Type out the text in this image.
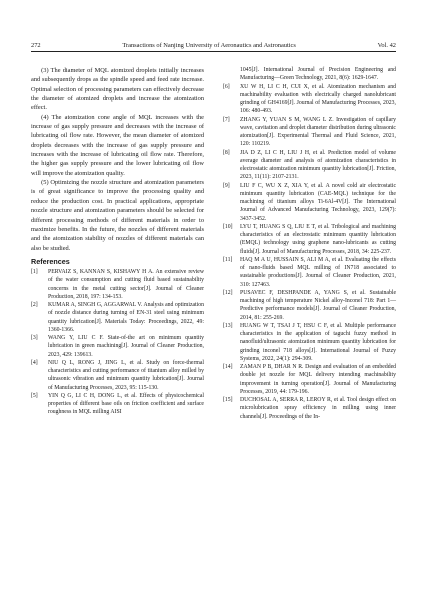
272	Transactions of Nanjing University of Aeronautics and Astronautics	Vol. 42

(3) The diameter of MQL atomized droplets initially increases and subsequently drops as the spindle speed and feed rate increase. Optimal selection of processing parameters can effectively decrease the diameter of atomized droplets and increase the atomization effect.

(4) The atomization cone angle of MQL increases with the increase of gas supply pressure and decreases with the increase of lubricating oil flow rate. However, the mean diameter of atomized droplets decreases with the increase of gas supply pressure and increases with the increase of lubricating oil flow rate. Therefore, the higher gas supply pressure and the lower lubricating oil flow will improve the atomization quality.

(5) Optimizing the nozzle structure and atomization parameters is of great significance to improve the processing quality and reduce the production cost. In practical applications, appropriate nozzle structure and atomization parameters should be selected for different processing methods of different materials in order to maximize benefits. In the future, the nozzles of different materials and the atomization stability of nozzles of different materials can also be studied.

References
[1]	PERVAIZ S, KANNAN S, KISHAWY H A. An extensive review of the water consumption and cutting fluid based sustainability concerns in the metal cutting sector[J]. Journal of Cleaner Production, 2018, 197: 134-153.
[2]	KUMAR A, SINGH G, AGGARWAL V. Analysis and optimization of nozzle distance during turning of EN-31 steel using minimum quantity lubrication[J]. Materials Today: Proceedings, 2022, 49: 1360-1366.
[3]	WANG Y, LIU C F. State-of-the art on minimum quantity lubrication in green machining[J]. Journal of Cleaner Production, 2023, 429: 139613.
[4]	NIU Q L, RONG J, JING L, et al. Study on force-thermal characteristics and cutting performance of titanium alloy milled by ultrasonic vibration and minimum quantity lubrication[J]. Journal of Manufacturing Processes, 2023, 95: 115-130.
[5]	YIN Q G, LI C H, DONG L, et al. Effects of physicochemical properties of different base oils on friction coefficient and surface roughness in MQL milling AISI
1045[J]. International Journal of Precision Engineering and Manufacturing—Green Technology, 2021, 8(6): 1629-1647.
[6]	XU W H, LI C H, CUI X, et al. Atomization mechanism and machinability evaluation with electrically charged nanolubricant grinding of GH4169[J]. Journal of Manufacturing Processes, 2023, 106: 480-493.
[7]	ZHANG Y, YUAN S M, WANG L Z. Investigation of capillary wave, cavitation and droplet diameter distribution during ultrasonic atomization[J]. Experimental Thermal and Fluid Science, 2021, 120: 110219.
[8]	JIA D Z, LI C H, LIU J H, et al. Prediction model of volume average diameter and analysis of atomization characteristics in electrostatic atomization minimum quantity lubrication[J]. Friction, 2023, 11(11): 2107-2131.
[9]	LIU F C, WU X Z, XIA Y, et al. A novel cold air electrostatic minimum quantity lubrication (CAE-MQL) technique for the machining of titanium alloys Ti-6Al-4V[J]. The International Journal of Advanced Manufacturing Technology, 2023, 129(7): 3437-3452.
[10]	LYU T, HUANG S Q, LIU E T, et al. Tribological and machining characteristics of an electrostatic minimum quantity lubrication (EMQL) technology using graphene nano-lubricants as cutting fluids[J]. Journal of Manufacturing Processes, 2018, 34: 225-237.
[11]	HAQ M A U, HUSSAIN S, ALI M A, et al. Evaluating the effects of nano-fluids based MQL milling of IN718 associated to sustainable productions[J]. Journal of Cleaner Production, 2021, 310: 127463.
[12]	PUSAVEC F, DESHPANDE A, YANG S, et al. Sustainable machining of high temperature Nickel alloy-Inconel 718: Part 1—Predictive performance models[J]. Journal of Cleaner Production, 2014, 81: 255-269.
[13]	HUANG W T, TSAI J T, HSU C F, et al. Multiple performance characteristics in the application of taguchi fuzzy method in nanofluid/ultrasonic atomization minimum quantity lubrication for grinding inconel 718 alloys[J]. International Journal of Fuzzy Systems, 2022, 24(1): 294-309.
[14]	ZAMAN P B, DHAR N R. Design and evaluation of an embedded double jet nozzle for MQL delivery intending machinability improvement in turning operation[J]. Journal of Manufacturing Processes, 2019, 44: 179-196.
[15]	DUCHOSAL A, SERRA R, LEROY R, et al. Tool design effect on microlubrication spray efficiency in milling using inner channels[J]. Proceedings of the In-
